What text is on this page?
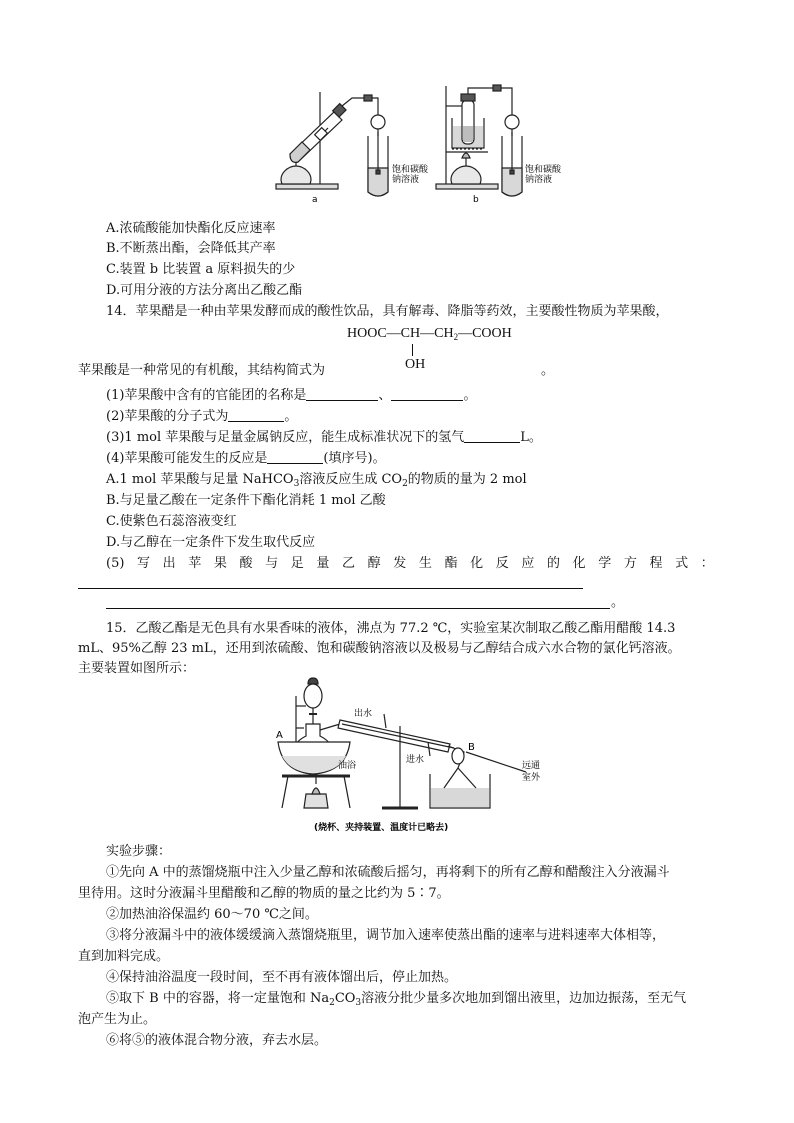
饱和碳酸
钠溶液
饱和碳酸
钠溶液
a	b
A.浓硫酸能加快酯化反应速率
B.不断蒸出酯，会降低其产率
C.装置 b 比装置 a 原料损失的少
D.可用分液的方法分离出乙酸乙酯
14．苹果醋是一种由苹果发酵而成的酸性饮品，具有解毒、降脂等药效，主要酸性物质为苹果酸，
$HOOC—CH—CH_2—COOH$
OH
苹果酸是一种常见的有机酸，其结构简式为	。
(1)苹果酸中含有的官能团的名称是	、	。
(2)苹果酸的分子式为	。
(3)1 mol 苹果酸与足量金属钠反应，能生成标准状况下的氢气	L。
(4)苹果酸可能发生的反应是	(填序号)。
A.1 mol 苹果酸与足量 NaHCO$_3$溶液反应生成 $CO_2$的物质的量为 2 mol
B.与足量乙酸在一定条件下酯化消耗 1 mol 乙酸
C.使紫色石蕊溶液变红
D.与乙醇在一定条件下发生取代反应
(5) 写 出 苹 果 酸 与 足 量 乙 醇 发 生 酯 化 反 应 的 化 学 方 程 式 ：
。
15．乙酸乙酯是无色具有水果香味的液体，沸点为 77.2 ℃，实验室某次制取乙酸乙酯用醋酸 14.3
mL、95%乙醇 23 mL，还用到浓硫酸、饱和碳酸钠溶液以及极易与乙醇结合成六水合物的氯化钙溶液。
主要装置如图所示：
A
B
出水
进水
油浴	远通
室外
(烧杯、夹持装置、温度计已略去)
实验步骤：
①先向 A 中的蒸馏烧瓶中注入少量乙醇和浓硫酸后摇匀，再将剩下的所有乙醇和醋酸注入分液漏斗
里待用。这时分液漏斗里醋酸和乙醇的物质的量之比约为 5∶7。
②加热油浴保温约 60～70 ℃之间。
③将分液漏斗中的液体缓缓滴入蒸馏烧瓶里，调节加入速率使蒸出酯的速率与进料速率大体相等，
直到加料完成。
④保持油浴温度一段时间，至不再有液体馏出后，停止加热。
⑤取下 B 中的容器，将一定量饱和 $Na_2CO_3$溶液分批少量多次地加到馏出液里，边加边振荡，至无气
泡产生为止。
⑥将⑤的液体混合物分液，弃去水层。
